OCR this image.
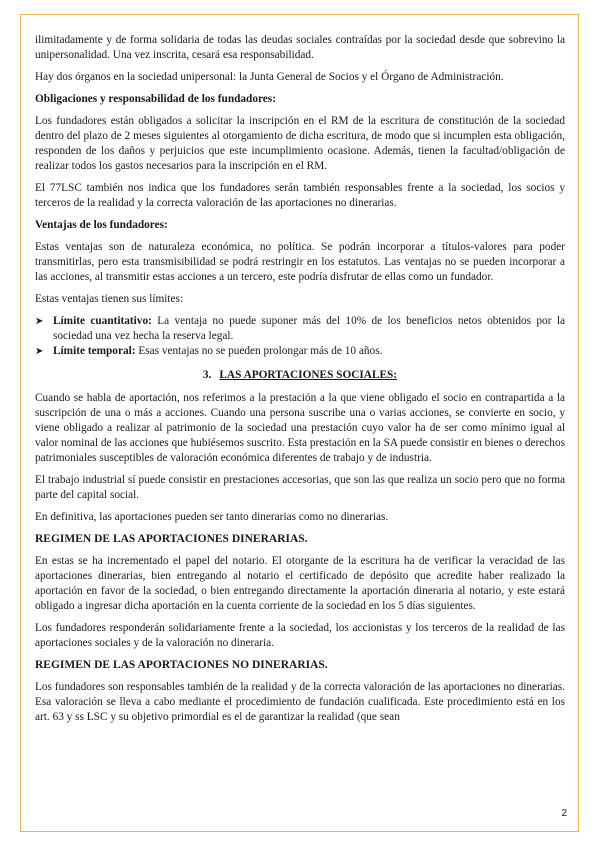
ilimitadamente y de forma solidaria de todas las deudas sociales contraídas por la sociedad desde que sobrevino la unipersonalidad. Una vez inscrita, cesará esa responsabilidad.

Hay dos órganos en la sociedad unipersonal: la Junta General de Socios y el Órgano de Administración.

Obligaciones y responsabilidad de los fundadores:

Los fundadores están obligados a solicitar la inscripción en el RM de la escritura de constitución de la sociedad dentro del plazo de 2 meses siguientes al otorgamiento de dicha escritura, de modo que si incumplen esta obligación, responden de los daños y perjuicios que este incumplimiento ocasione. Además, tienen la facultad/obligación de realizar todos los gastos necesarios para la inscripción en el RM.

El 77LSC también nos indica que los fundadores serán también responsables frente a la sociedad, los socios y terceros de la realidad y la correcta valoración de las aportaciones no dinerarias.

Ventajas de los fundadores:

Estas ventajas son de naturaleza económica, no política. Se podrán incorporar a títulos-valores para poder transmitirlas, pero esta transmisibilidad se podrá restringir en los estatutos. Las ventajas no se pueden incorporar a las acciones, al transmitir estas acciones a un tercero, este podría disfrutar de ellas como un fundador.

Estas ventajas tienen sus límites:

➤ Límite cuantitativo: La ventaja no puede suponer más del 10% de los beneficios netos obtenidos por la sociedad una vez hecha la reserva legal.
➤ Límite temporal: Esas ventajas no se pueden prolongar más de 10 años.
3. LAS APORTACIONES SOCIALES:

Cuando se habla de aportación, nos referimos a la prestación a la que viene obligado el socio en contrapartida a la suscripción de una o más a acciones. Cuando una persona suscribe una o varias acciones, se convierte en socio, y viene obligado a realizar al patrimonio de la sociedad una prestación cuyo valor ha de ser como mínimo igual al valor nominal de las acciones que hubiésemos suscrito. Esta prestación en la SA puede consistir en bienes o derechos patrimoniales susceptibles de valoración económica diferentes de trabajo y de industria.

El trabajo industrial sí puede consistir en prestaciones accesorias, que son las que realiza un socio pero que no forma parte del capital social.

En definitiva, las aportaciones pueden ser tanto dinerarias como no dinerarias.

REGIMEN DE LAS APORTACIONES DINERARIAS.

En estas se ha incrementado el papel del notario. El otorgante de la escritura ha de verificar la veracidad de las aportaciones dinerarias, bien entregando al notario el certificado de depósito que acredite haber realizado la aportación en favor de la sociedad, o bien entregando directamente la aportación dineraria al notario, y este estará obligado a ingresar dicha aportación en la cuenta corriente de la sociedad en los 5 días siguientes.

Los fundadores responderán solidariamente frente a la sociedad, los accionistas y los terceros de la realidad de las aportaciones sociales y de la valoración no dineraria.

REGIMEN DE LAS APORTACIONES NO DINERARIAS.

Los fundadores son responsables también de la realidad y de la correcta valoración de las aportaciones no dinerarias. Esa valoración se lleva a cabo mediante el procedimiento de fundación cualificada. Este procedimiento está en los art. 63 y ss LSC y su objetivo primordial es el de garantizar la realidad (que sean

2
